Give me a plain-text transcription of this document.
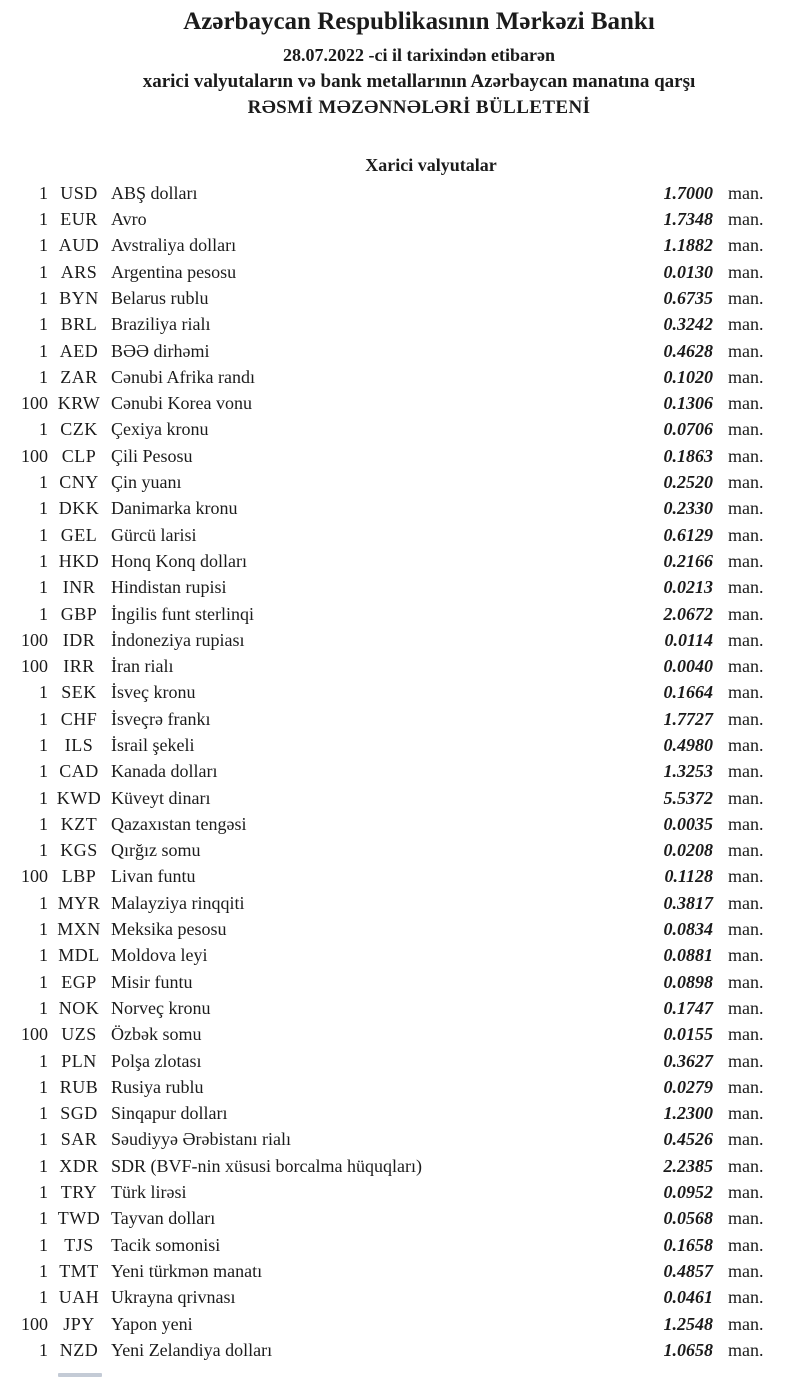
Azərbaycan Respublikasının Mərkəzi Bankı
28.07.2022 -ci il tarixindən etibarən
xarici valyutaların və bank metallarının Azərbaycan manatına qarşı
RƏSMİ MƏZƏNNƏLƏRİ BÜLLETENİ
Xarici valyutalar
1 USD ABŞ dolları	1.7000 man.
1 EUR Avro	1.7348 man.
1 AUD Avstraliya dolları	1.1882 man.
1 ARS Argentina pesosu	0.0130 man.
1 BYN Belarus rublu	0.6735 man.
1 BRL Braziliya rialı	0.3242 man.
1 AED BƏƏ dirhəmi	0.4628 man.
1 ZAR Cənubi Afrika randı	0.1020 man.
100 KRW Cənubi Korea vonu	0.1306 man.
1 CZK Çexiya kronu	0.0706 man.
100 CLP Çili Pesosu	0.1863 man.
1 CNY Çin yuanı	0.2520 man.
1 DKK Danimarka kronu	0.2330 man.
1 GEL Gürcü larisi	0.6129 man.
1 HKD Honq Konq dolları	0.2166 man.
1 INR Hindistan rupisi	0.0213 man.
1 GBP İngilis funt sterlinqi	2.0672 man.
100 IDR İndoneziya rupiası	0.0114 man.
100 IRR İran rialı	0.0040 man.
1 SEK İsveç kronu	0.1664 man.
1 CHF İsveçrə frankı	1.7727 man.
1 ILS İsrail şekeli	0.4980 man.
1 CAD Kanada dolları	1.3253 man.
1 KWD Küveyt dinarı	5.5372 man.
1 KZT Qazaxıstan tengəsi	0.0035 man.
1 KGS Qırğız somu	0.0208 man.
100 LBP Livan funtu	0.1128 man.
1 MYR Malayziya rinqqiti	0.3817 man.
1 MXN Meksika pesosu	0.0834 man.
1 MDL Moldova leyi	0.0881 man.
1 EGP Misir funtu	0.0898 man.
1 NOK Norveç kronu	0.1747 man.
100 UZS Özbək somu	0.0155 man.
1 PLN Polşa zlotası	0.3627 man.
1 RUB Rusiya rublu	0.0279 man.
1 SGD Sinqapur dolları	1.2300 man.
1 SAR Səudiyyə Ərəbistanı rialı	0.4526 man.
1 XDR SDR (BVF-nin xüsusi borcalma hüquqları)	2.2385 man.
1 TRY Türk lirəsi	0.0952 man.
1 TWD Tayvan dolları	0.0568 man.
1 TJS Tacik somonisi	0.1658 man.
1 TMT Yeni türkmən manatı	0.4857 man.
1 UAH Ukrayna qrivnası	0.0461 man.
100 JPY Yapon yeni	1.2548 man.
1 NZD Yeni Zelandiya dolları	1.0658 man.
